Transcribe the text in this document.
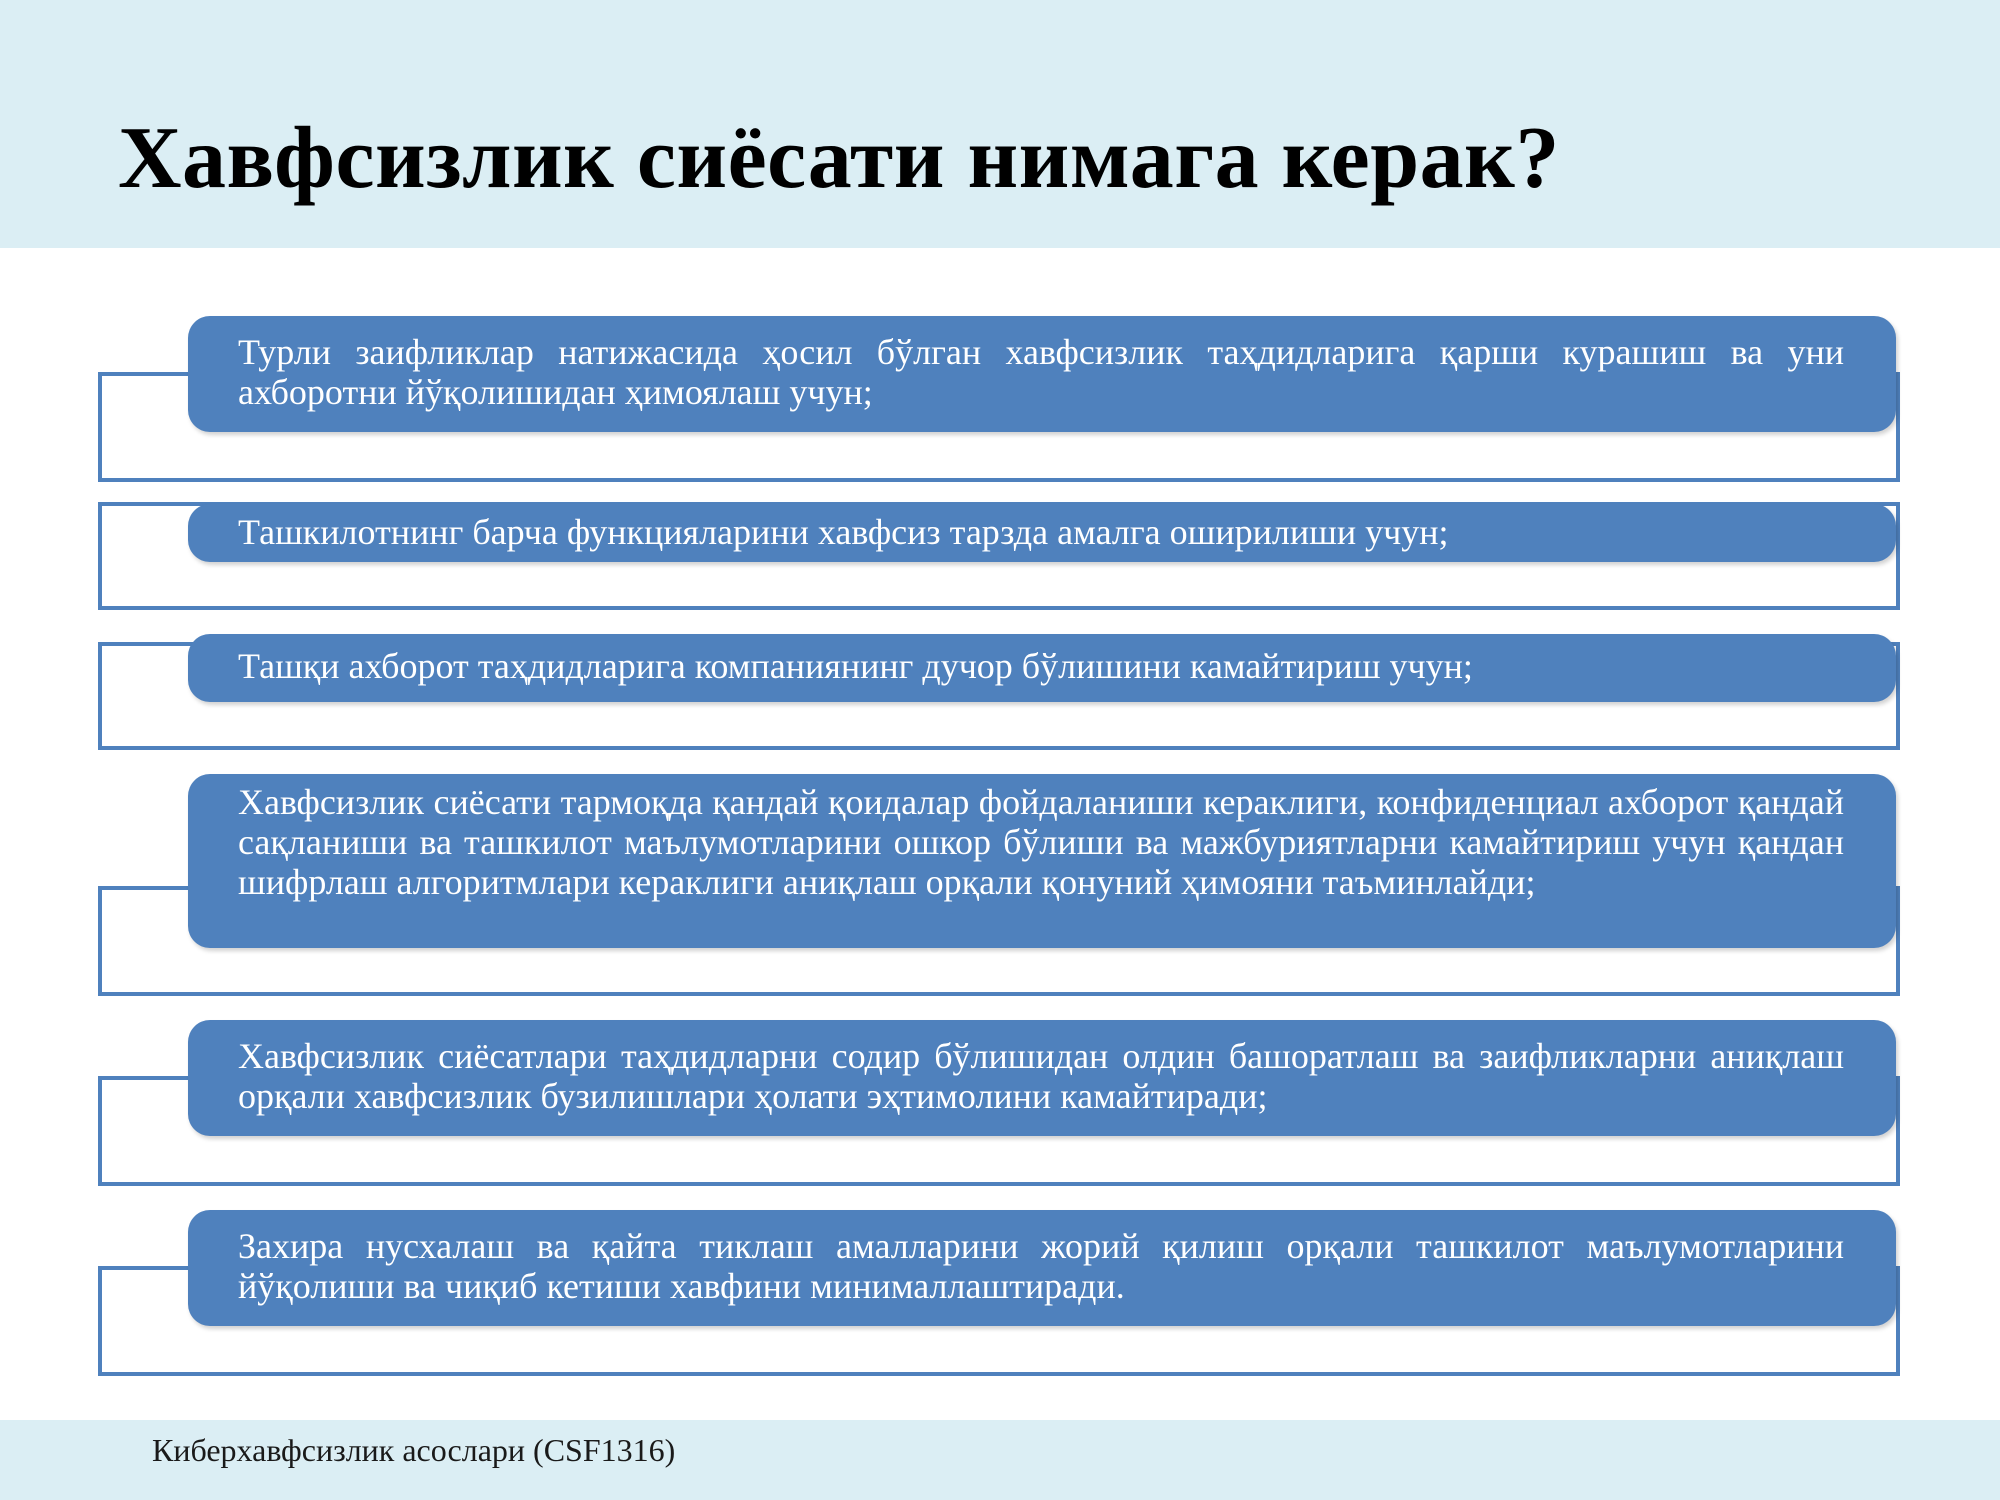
Хавфсизлик сиёсати нимага керак?

Турли заифликлар натижасида ҳосил бўлган хавфсизлик таҳдидларига қарши курашиш ва уни ахборотни йўқолишидан ҳимоялаш учун;

Ташкилотнинг барча функцияларини хавфсиз тарзда амалга оширилиши учун;

Ташқи ахборот таҳдидларига компаниянинг дучор бўлишини камайтириш учун;

Хавфсизлик сиёсати тармоқда қандай қоидалар фойдаланиши кераклиги, конфиденциал ахборот қандай сақланиши ва ташкилот маълумотларини ошкор бўлиши ва мажбуриятларни камайтириш учун қандан шифрлаш алгоритмлари кераклиги аниқлаш орқали қонуний ҳимояни таъминлайди;

Хавфсизлик сиёсатлари таҳдидларни содир бўлишидан олдин башоратлаш ва заифликларни аниқлаш орқали хавфсизлик бузилишлари ҳолати эҳтимолини камайтиради;

Захира нусхалаш ва қайта тиклаш амалларини жорий қилиш орқали ташкилот маълумотларини йўқолиши ва чиқиб кетиши хавфини минималлаштиради.

Киберхавфсизлик асослари (CSF1316)
